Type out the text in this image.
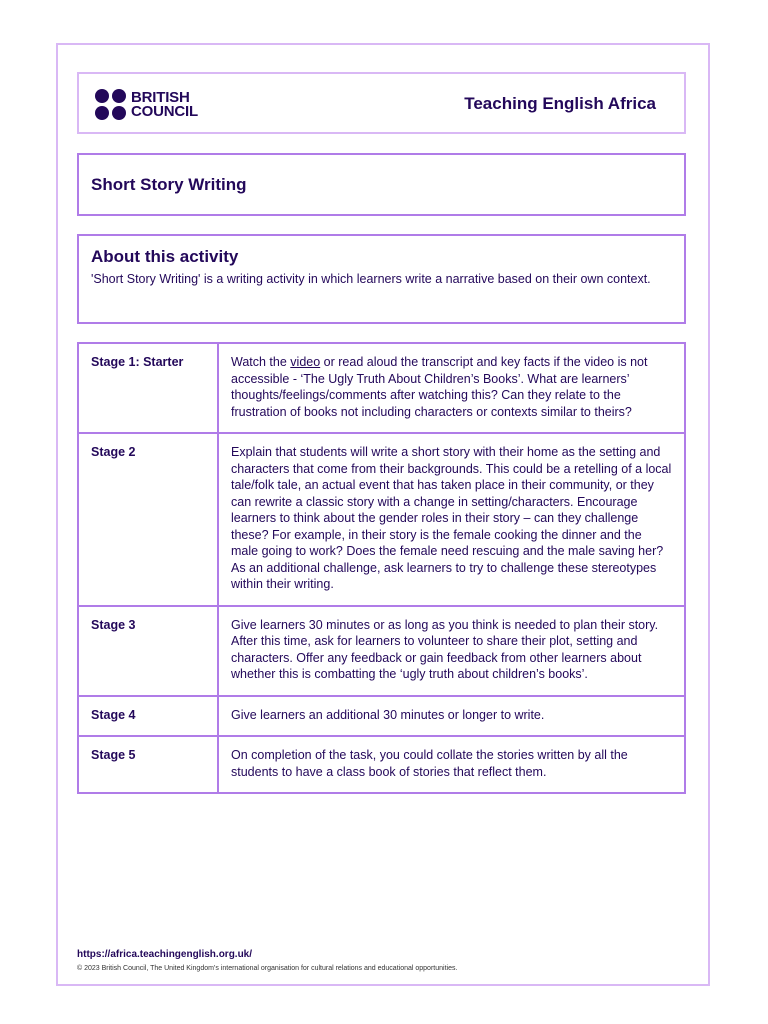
BRITISH
COUNCIL	Teaching English Africa
Short Story Writing
About this activity
'Short Story Writing' is a writing activity in which learners write a narrative based on their own context.
Stage 1: Starter	Watch the video or read aloud the transcript and key facts if the video is not accessible - ‘The Ugly Truth About Children’s Books’. What are learners’ thoughts/feelings/comments after watching this? Can they relate to the frustration of books not including characters or contexts similar to theirs?
Stage 2	Explain that students will write a short story with their home as the setting and characters that come from their backgrounds. This could be a retelling of a local tale/folk tale, an actual event that has taken place in their community, or they can rewrite a classic story with a change in setting/characters. Encourage learners to think about the gender roles in their story – can they challenge these? For example, in their story is the female cooking the dinner and the male going to work? Does the female need rescuing and the male saving her? As an additional challenge, ask learners to try to challenge these stereotypes within their writing.
Stage 3	Give learners 30 minutes or as long as you think is needed to plan their story. After this time, ask for learners to volunteer to share their plot, setting and characters. Offer any feedback or gain feedback from other learners about whether this is combatting the ‘ugly truth about children’s books’.
Stage 4	Give learners an additional 30 minutes or longer to write.
Stage 5	On completion of the task, you could collate the stories written by all the students to have a class book of stories that reflect them.
https://africa.teachingenglish.org.uk/
© 2023 British Council, The United Kingdom’s international organisation for cultural relations and educational opportunities.
